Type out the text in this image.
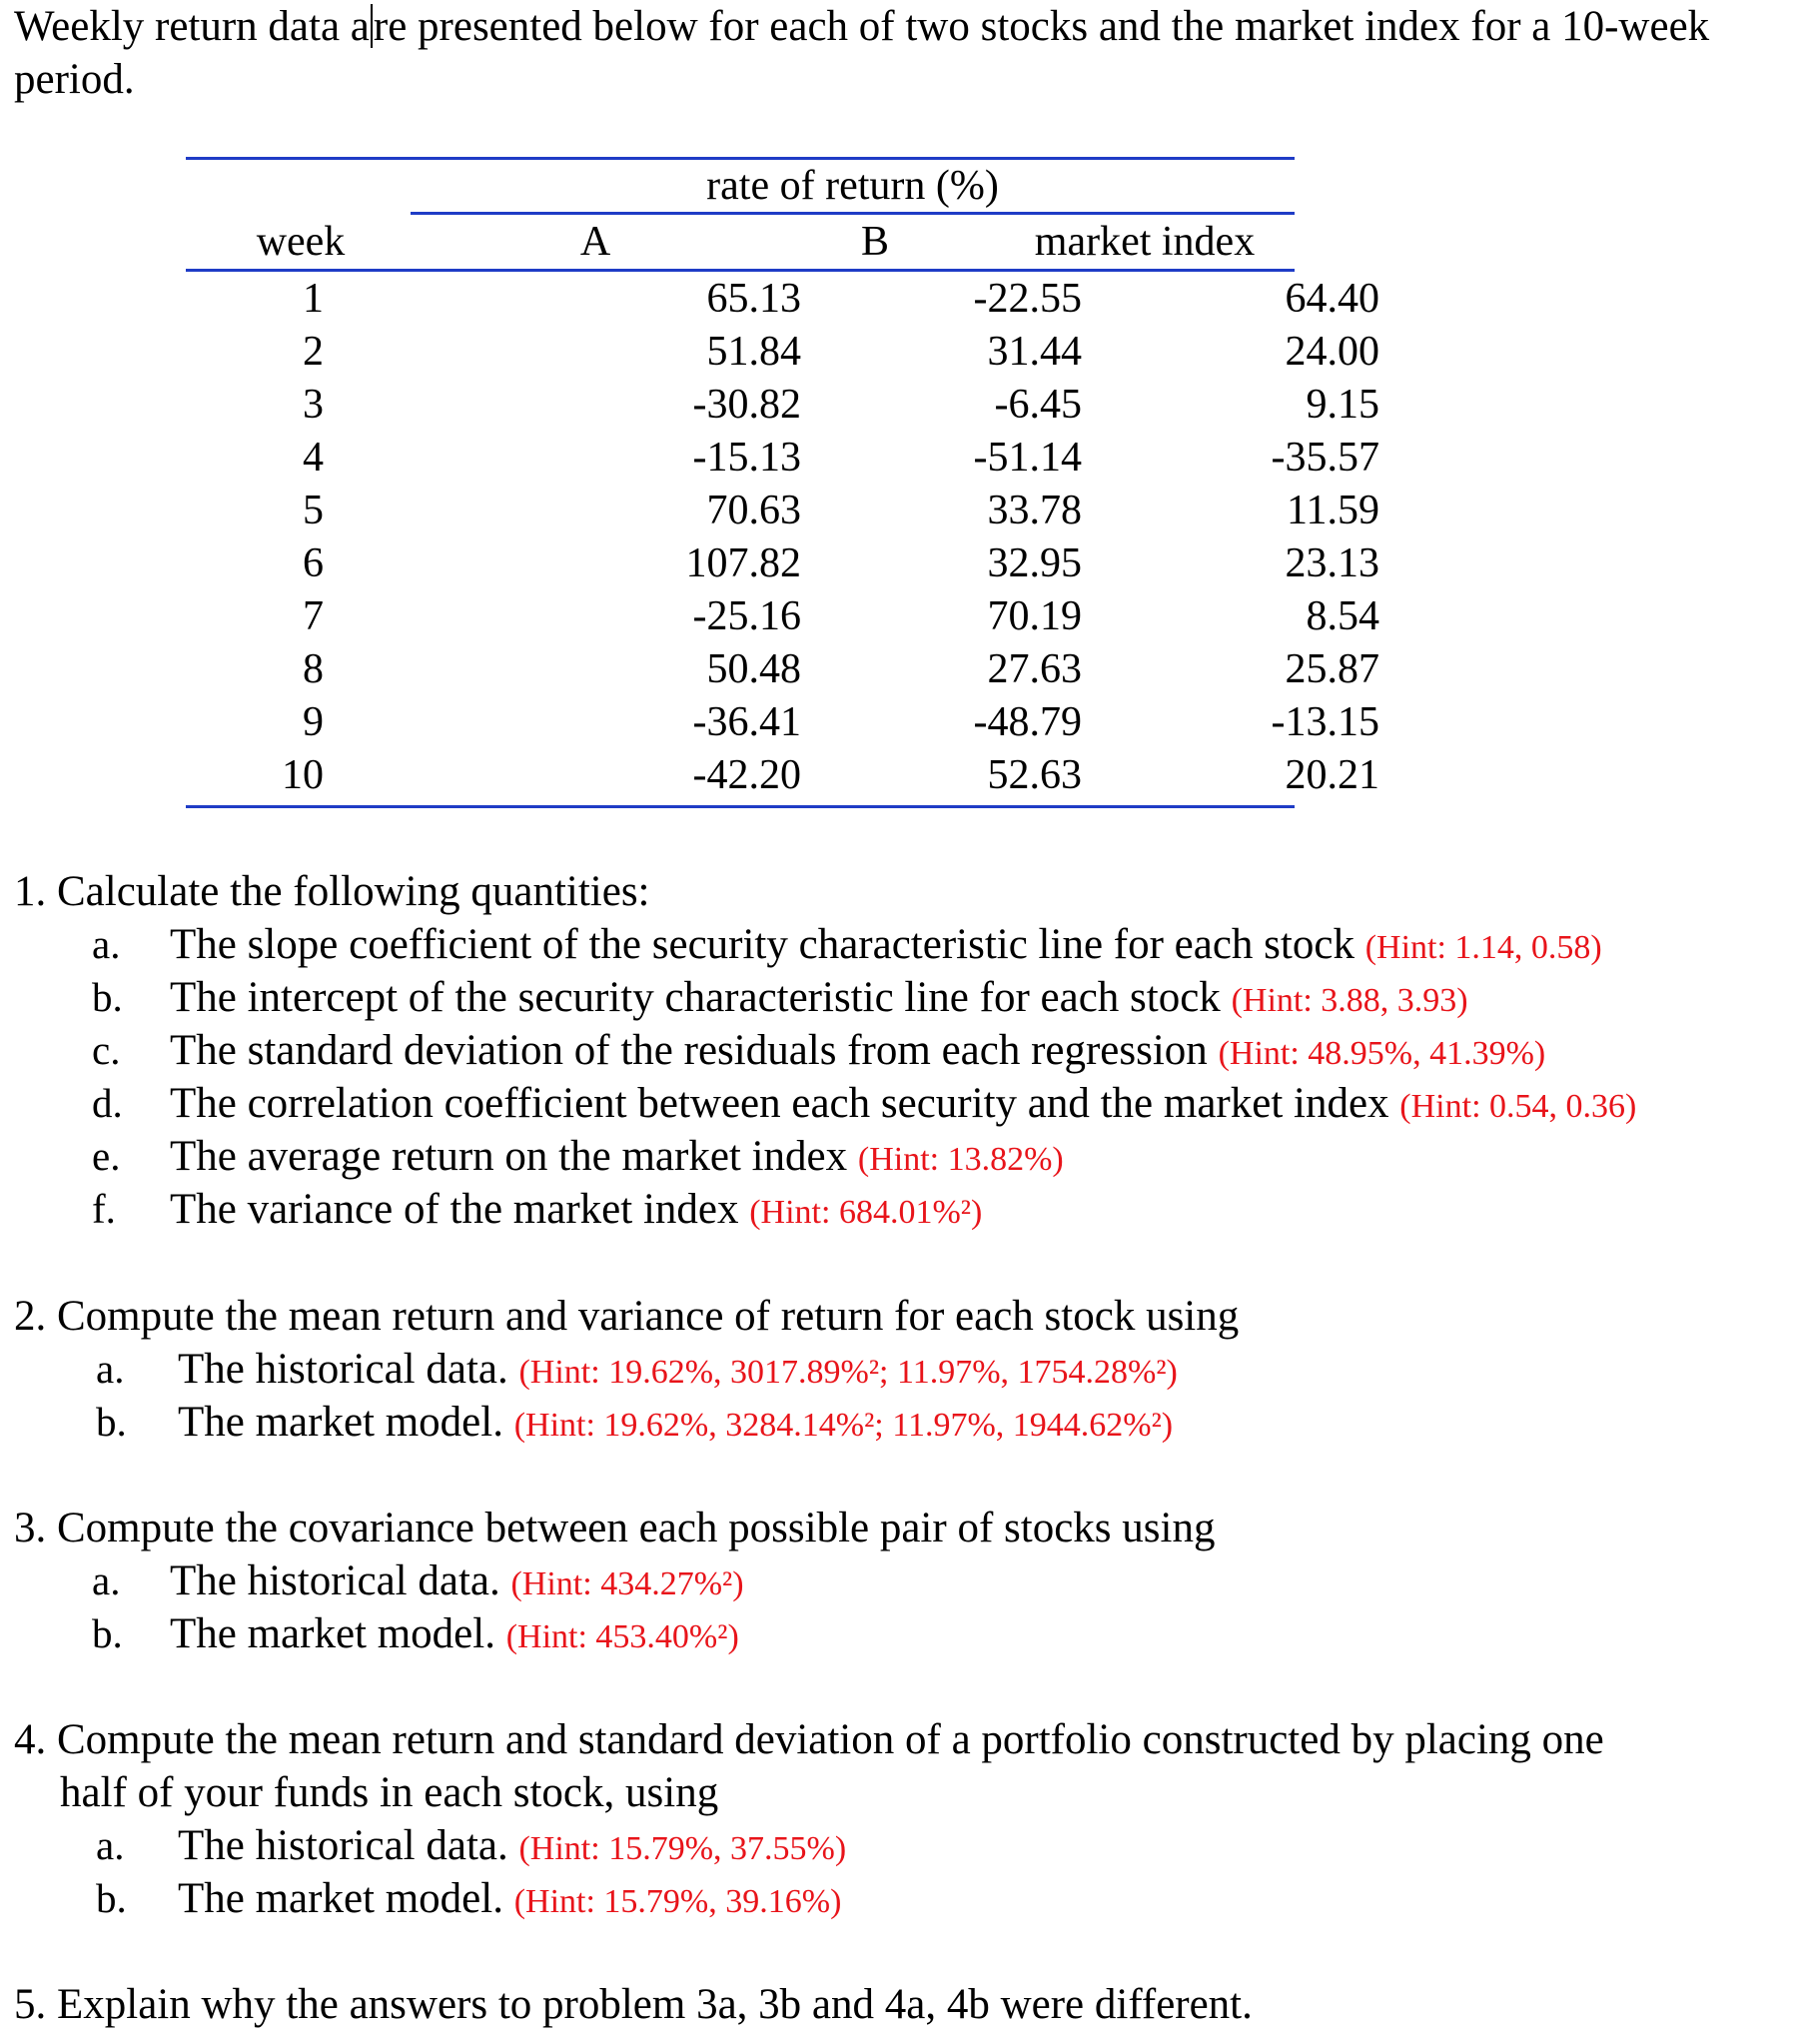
Weekly return data are presented below for each of two stocks and the market index for a 10-week period.
rate of return (%)
week	A	B	market index
1	65.13	-22.55	64.40
2	51.84	31.44	24.00
3	-30.82	-6.45	9.15
4	-15.13	-51.14	-35.57
5	70.63	33.78	11.59
6	107.82	32.95	23.13
7	-25.16	70.19	8.54
8	50.48	27.63	25.87
9	-36.41	-48.79	-13.15
10	-42.20	52.63	20.21
1. Calculate the following quantities:
a. The slope coefficient of the security characteristic line for each stock (Hint: 1.14, 0.58)
b. The intercept of the security characteristic line for each stock (Hint: 3.88, 3.93)
c. The standard deviation of the residuals from each regression (Hint: 48.95%, 41.39%)
d. The correlation coefficient between each security and the market index (Hint: 0.54, 0.36)
e. The average return on the market index (Hint: 13.82%)
f. The variance of the market index (Hint: 684.01%²)
2. Compute the mean return and variance of return for each stock using
a. The historical data. (Hint: 19.62%, 3017.89%²; 11.97%, 1754.28%²)
b. The market model. (Hint: 19.62%, 3284.14%²; 11.97%, 1944.62%²)
3. Compute the covariance between each possible pair of stocks using
a. The historical data. (Hint: 434.27%²)
b. The market model. (Hint: 453.40%²)
4. Compute the mean return and standard deviation of a portfolio constructed by placing one
half of your funds in each stock, using
a. The historical data. (Hint: 15.79%, 37.55%)
b. The market model. (Hint: 15.79%, 39.16%)
5. Explain why the answers to problem 3a, 3b and 4a, 4b were different.
